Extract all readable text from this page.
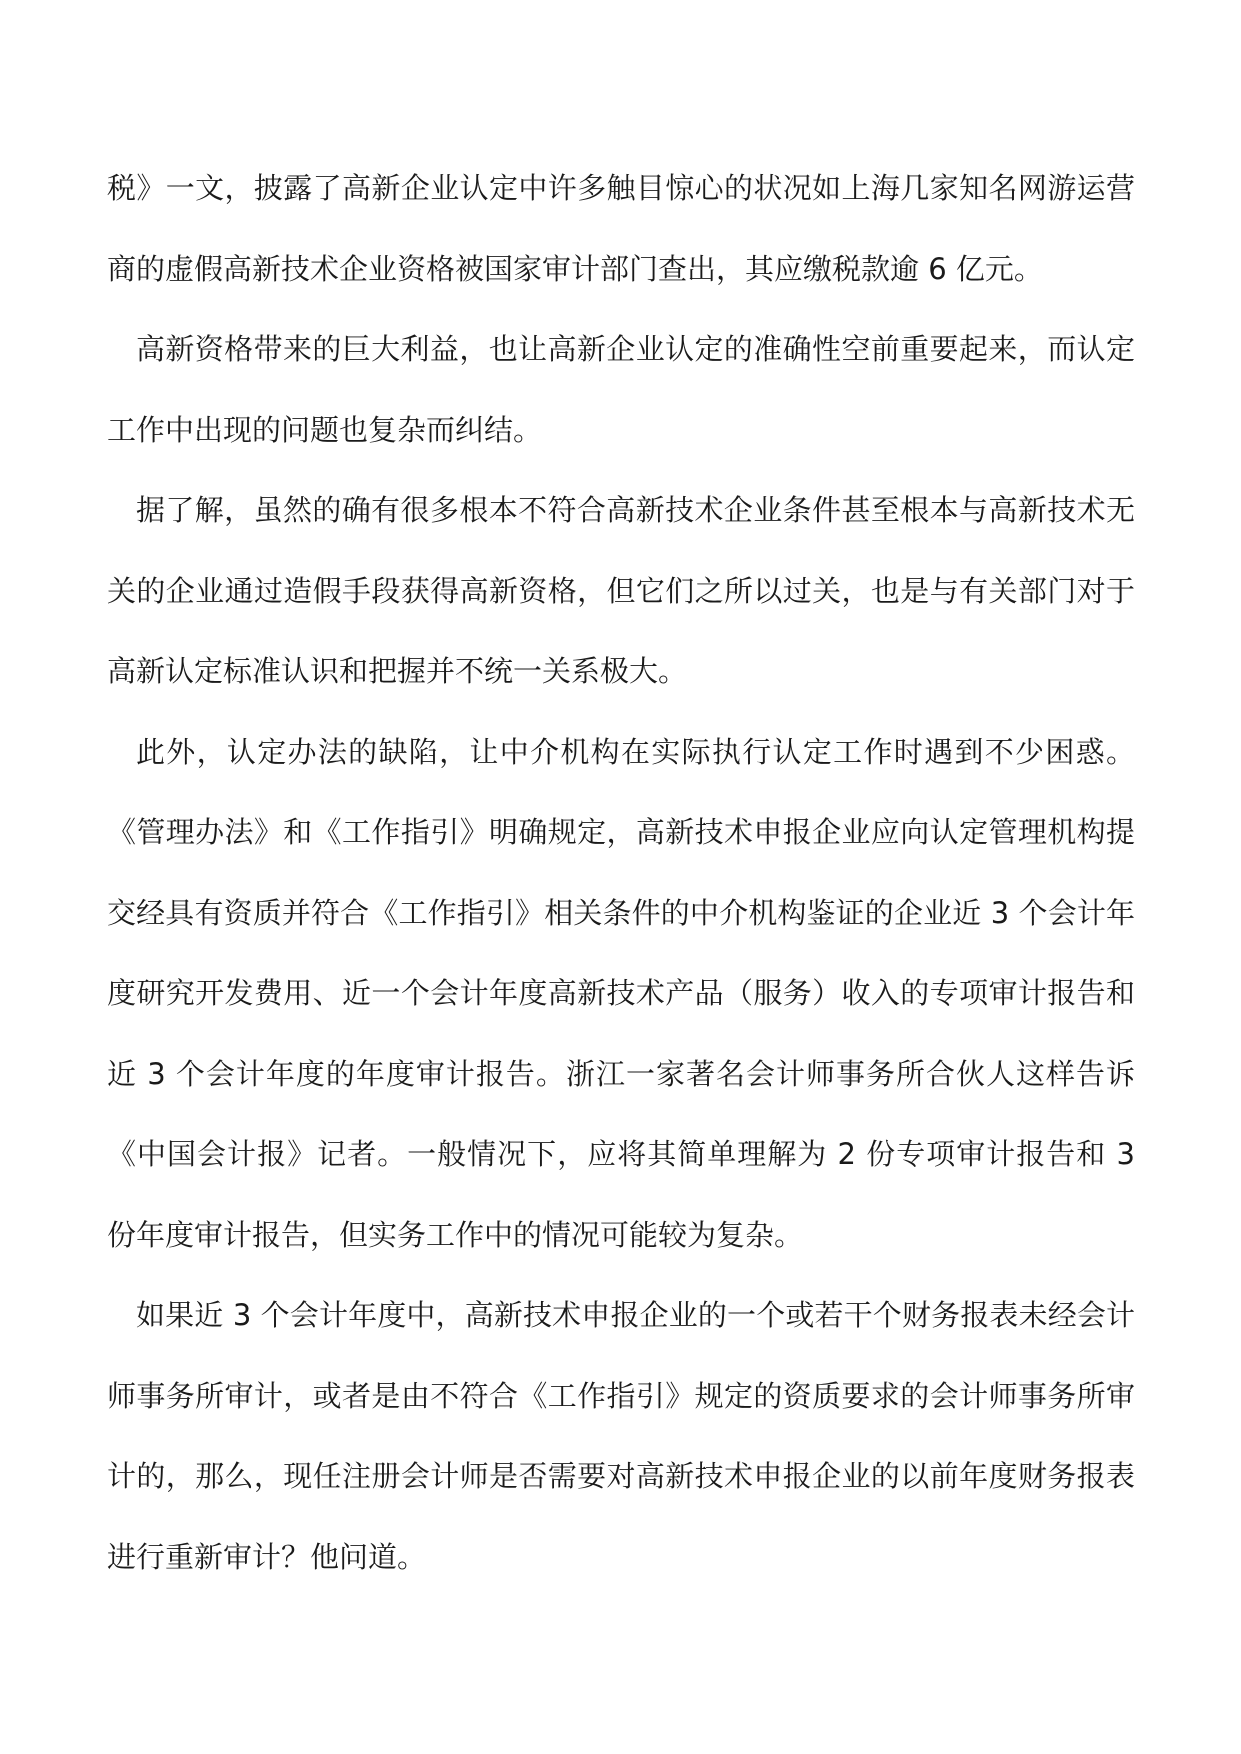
税》一文，披露了高新企业认定中许多触目惊心的状况如上海几家知名网游运营商的虚假高新技术企业资格被国家审计部门查出，其应缴税款逾 6 亿元。

高新资格带来的巨大利益，也让高新企业认定的准确性空前重要起来，而认定工作中出现的问题也复杂而纠结。

据了解，虽然的确有很多根本不符合高新技术企业条件甚至根本与高新技术无关的企业通过造假手段获得高新资格，但它们之所以过关，也是与有关部门对于高新认定标准认识和把握并不统一关系极大。

此外，认定办法的缺陷，让中介机构在实际执行认定工作时遇到不少困惑。《管理办法》和《工作指引》明确规定，高新技术申报企业应向认定管理机构提交经具有资质并符合《工作指引》相关条件的中介机构鉴证的企业近 3 个会计年度研究开发费用、近一个会计年度高新技术产品（服务）收入的专项审计报告和近 3 个会计年度的年度审计报告。浙江一家著名会计师事务所合伙人这样告诉《中国会计报》记者。一般情况下，应将其简单理解为 2 份专项审计报告和 3 份年度审计报告，但实务工作中的情况可能较为复杂。

如果近 3 个会计年度中，高新技术申报企业的一个或若干个财务报表未经会计师事务所审计，或者是由不符合《工作指引》规定的资质要求的会计师事务所审计的，那么，现任注册会计师是否需要对高新技术申报企业的以前年度财务报表进行重新审计？他问道。
